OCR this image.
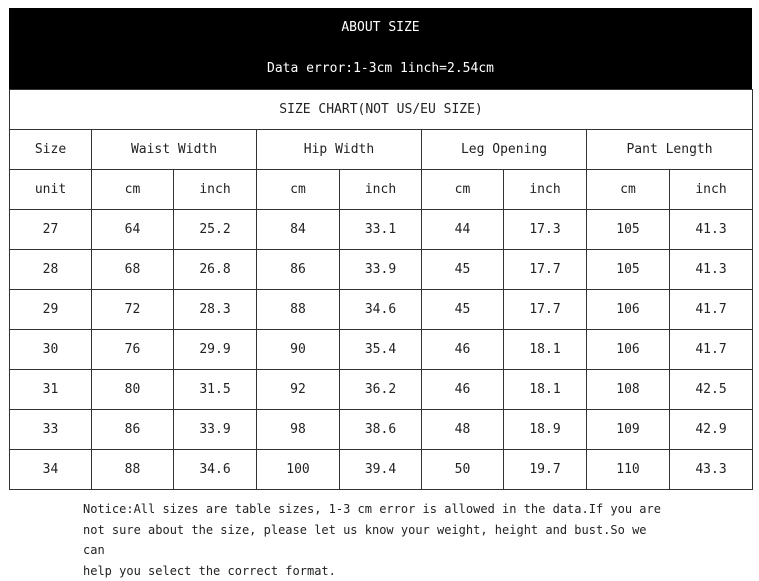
ABOUT SIZE
Data error:1-3cm 1inch=2.54cm
SIZE CHART(NOT US/EU SIZE)								
Size	Waist Width		Hip Width		Leg Opening		Pant Length	
unit	cm	inch	cm	inch	cm	inch	cm	inch
27	64	25.2	84	33.1	44	17.3	105	41.3
28	68	26.8	86	33.9	45	17.7	105	41.3
29	72	28.3	88	34.6	45	17.7	106	41.7
30	76	29.9	90	35.4	46	18.1	106	41.7
31	80	31.5	92	36.2	46	18.1	108	42.5
33	86	33.9	98	38.6	48	18.9	109	42.9
34	88	34.6	100	39.4	50	19.7	110	43.3
Notice:All sizes are table sizes, 1-3 cm error is allowed in the data.If you are
not sure about the size, please let us know your weight, height and bust.So we can
help you select the correct format.
